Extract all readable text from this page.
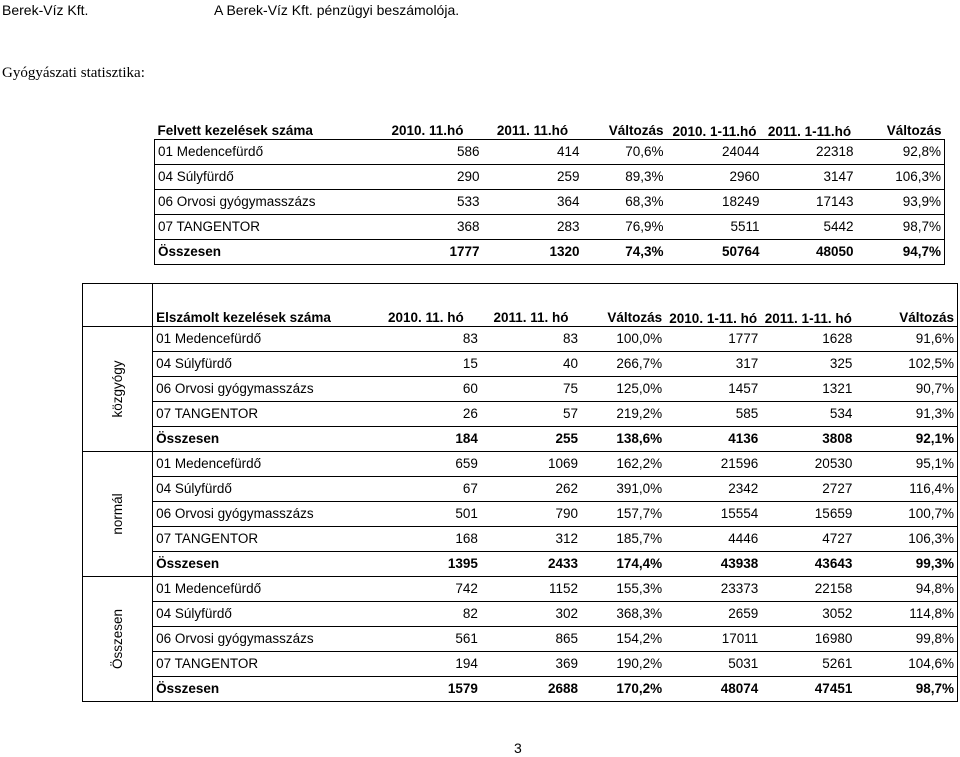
Berek-Víz Kft.	A Berek-Víz Kft. pénzügyi beszámolója.
Gyógyászati statisztika:
Felvett kezelések száma	2010. 11.hó	2011. 11.hó	Változás	2010. 1-11.hó	2011. 1-11.hó	Változás
01 Medencefürdő	586	414	70,6%	24044	22318	92,8%
04 Súlyfürdő	290	259	89,3%	2960	3147	106,3%
06 Orvosi gyógymasszázs	533	364	68,3%	18249	17143	93,9%
07 TANGENTOR	368	283	76,9%	5511	5442	98,7%
Összesen	1777	1320	74,3%	50764	48050	94,7%
	Elszámolt kezelések száma	2010. 11. hó	2011. 11. hó	Változás	2010. 1-11. hó	2011. 1-11. hó	Változás

közgyógy	01 Medencefürdő	83	83	100,0%	1777	1628	91,6%
	04 Súlyfürdő	15	40	266,7%	317	325	102,5%
	06 Orvosi gyógymasszázs	60	75	125,0%	1457	1321	90,7%
	07 TANGENTOR	26	57	219,2%	585	534	91,3%
	Összesen	184	255	138,6%	4136	3808	92,1%

normál	01 Medencefürdő	659	1069	162,2%	21596	20530	95,1%
	04 Súlyfürdő	67	262	391,0%	2342	2727	116,4%
	06 Orvosi gyógymasszázs	501	790	157,7%	15554	15659	100,7%
	07 TANGENTOR	168	312	185,7%	4446	4727	106,3%
	Összesen	1395	2433	174,4%	43938	43643	99,3%

Összesen	01 Medencefürdő	742	1152	155,3%	23373	22158	94,8%
	04 Súlyfürdő	82	302	368,3%	2659	3052	114,8%
	06 Orvosi gyógymasszázs	561	865	154,2%	17011	16980	99,8%
	07 TANGENTOR	194	369	190,2%	5031	5261	104,6%
	Összesen	1579	2688	170,2%	48074	47451	98,7%
3
